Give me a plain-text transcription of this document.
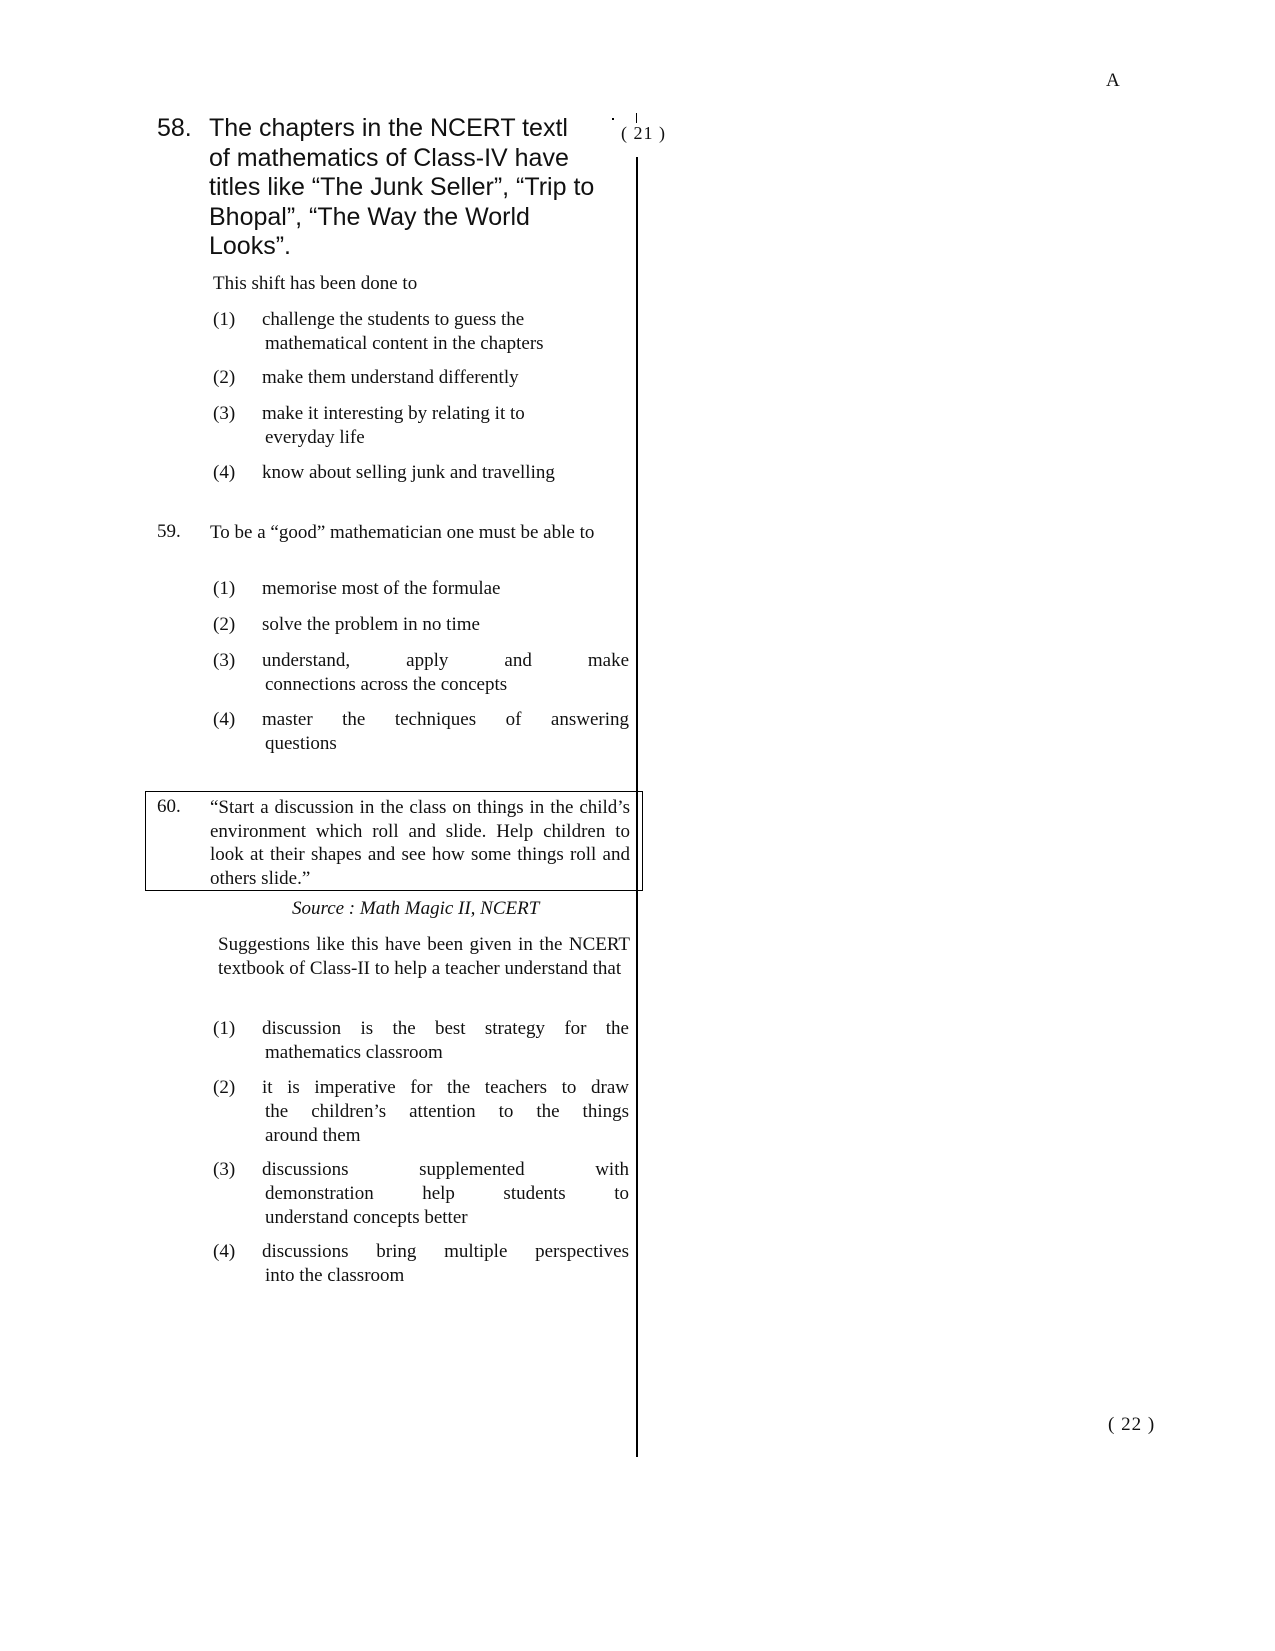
A
( 21 )
( 22 )
58. The chapters in the NCERT textl
of mathematics of Class-IV have
titles like “The Junk Seller”, “Trip to
Bhopal”, “The Way the World
Looks”.
This shift has been done to
(1)	challenge the students to guess the
mathematical content in the chapters
(2)	make them understand differently
(3)	make it interesting by relating it to
everyday life
(4)	know about selling junk and travelling
59. To be a “good” mathematician one must be able to
(1)	memorise most of the formulae
(2)	solve the problem in no time
(3)	understand, apply and make
connections across the concepts
(4)	master the techniques of answering
questions
60. “Start a discussion in the class on things in the child’s environment which roll and slide. Help children to look at their shapes and see how some things roll and others slide.”
Source : Math Magic II, NCERT
Suggestions like this have been given in the NCERT textbook of Class-II to help a teacher understand that
(1)	discussion is the best strategy for the
mathematics classroom
(2)	it is imperative for the teachers to draw
the children’s attention to the things
around them
(3)	discussions supplemented with
demonstration help students to
understand concepts better
(4)	discussions bring multiple perspectives
into the classroom
